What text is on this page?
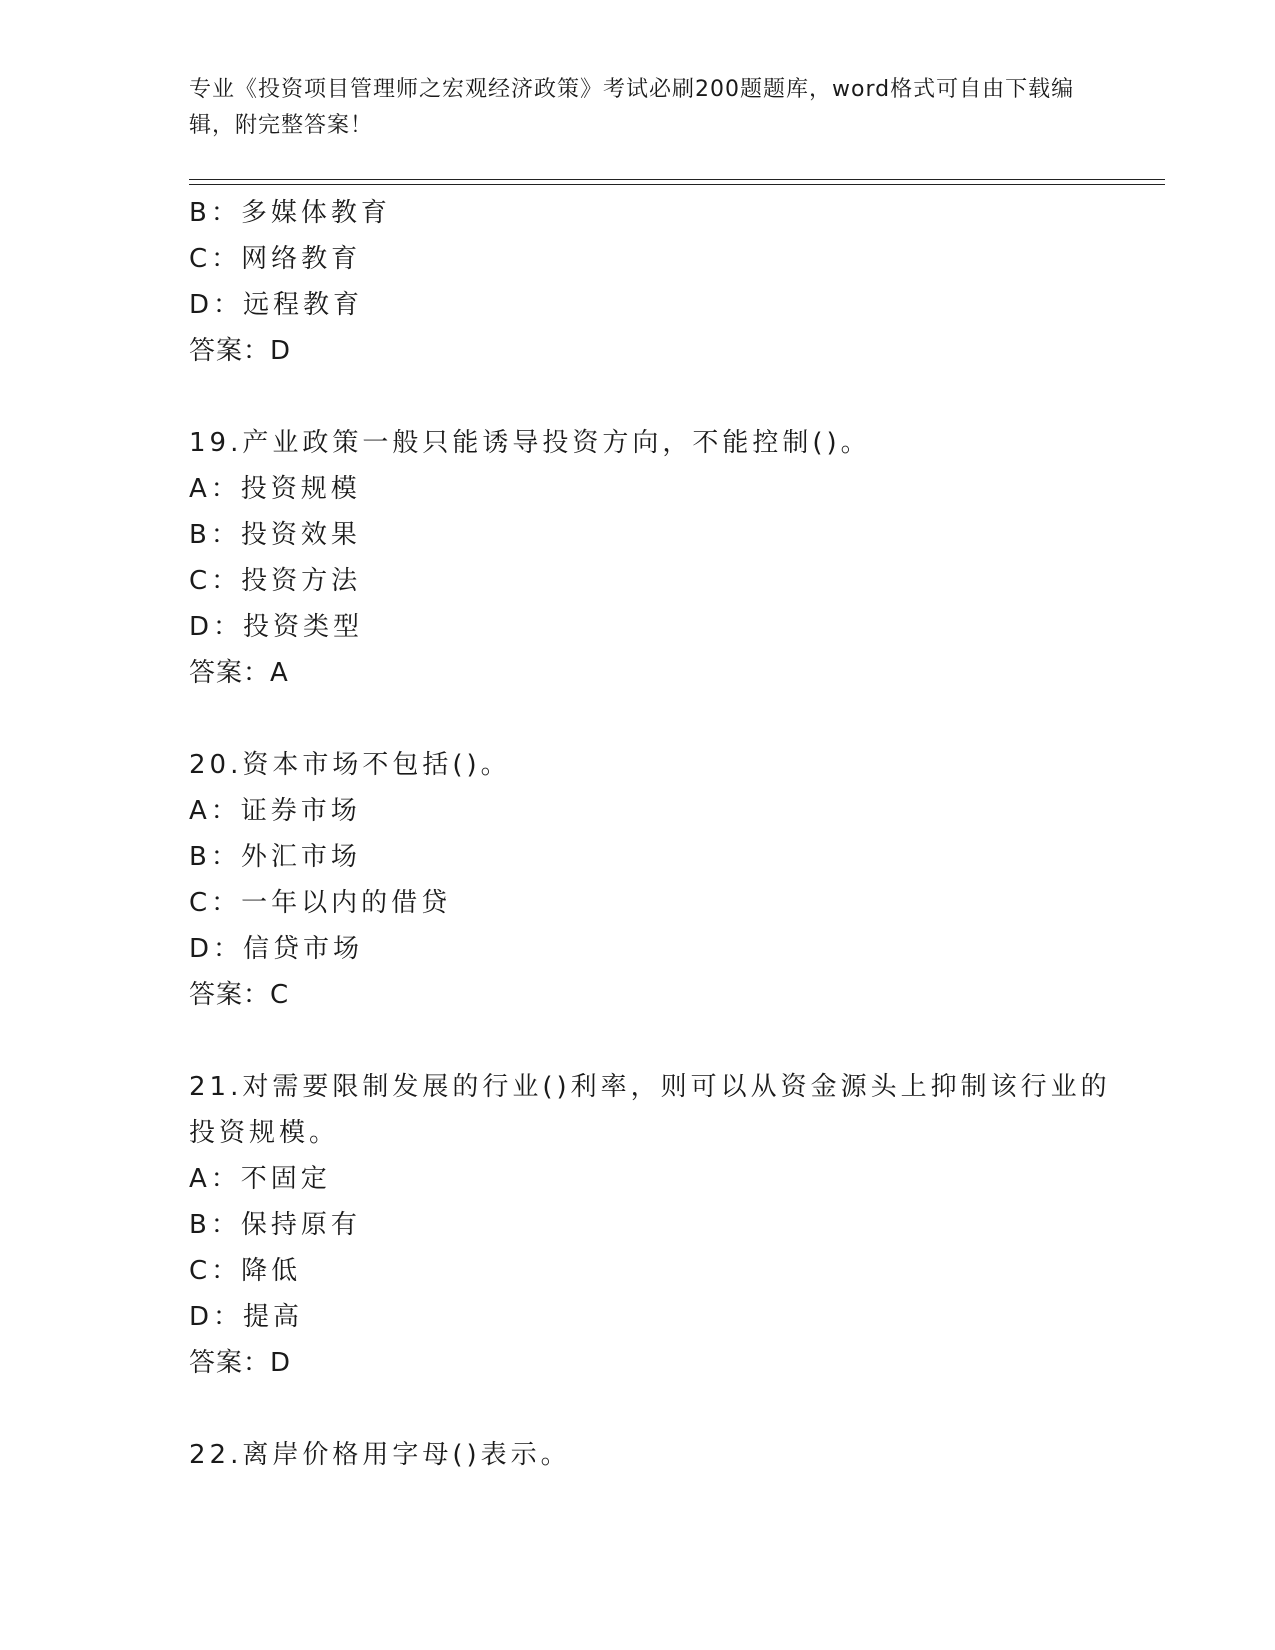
专业《投资项目管理师之宏观经济政策》考试必刷200题题库，word格式可自由下载编辑，附完整答案！
B：多媒体教育
C：网络教育
D：远程教育
答案：D
19.产业政策一般只能诱导投资方向，不能控制()。
A：投资规模
B：投资效果
C：投资方法
D：投资类型
答案：A
20.资本市场不包括()。
A：证券市场
B：外汇市场
C：一年以内的借贷
D：信贷市场
答案：C
21.对需要限制发展的行业()利率，则可以从资金源头上抑制该行业的投资规模。
A：不固定
B：保持原有
C：降低
D：提高
答案：D
22.离岸价格用字母()表示。
